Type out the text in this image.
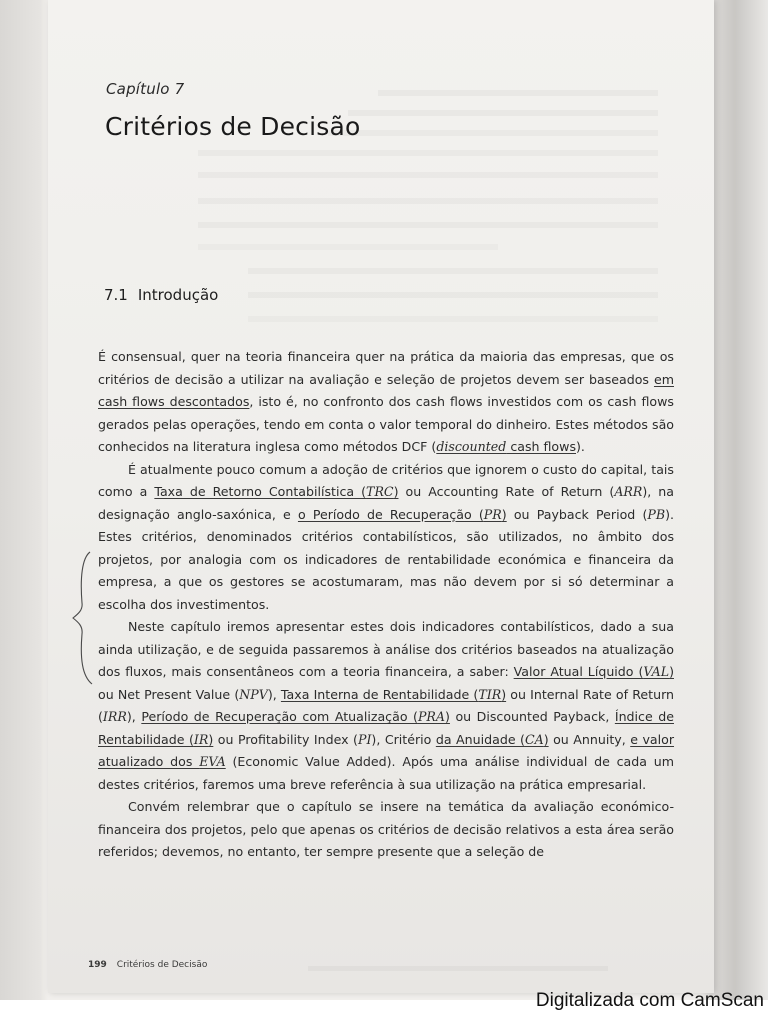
Capítulo 7
Critérios de Decisão
7.1 Introdução

É consensual, quer na teoria financeira quer na prática da maioria das empresas, que os critérios de decisão a utilizar na avaliação e seleção de projetos devem ser baseados em cash flows descontados, isto é, no confronto dos cash flows investidos com os cash flows gerados pelas operações, tendo em conta o valor temporal do dinheiro. Estes métodos são conhecidos na literatura inglesa como métodos DCF (discounted cash flows).

É atualmente pouco comum a adoção de critérios que ignorem o custo do capital, tais como a Taxa de Retorno Contabilística (TRC) ou Accounting Rate of Return (ARR), na designação anglo-saxónica, e o Período de Recuperação (PR) ou Payback Period (PB). Estes critérios, denominados critérios contabilísticos, são utilizados, no âmbito dos projetos, por analogia com os indicadores de rentabilidade económica e financeira da empresa, a que os gestores se acostumaram, mas não devem por si só determinar a escolha dos investimentos.

Neste capítulo iremos apresentar estes dois indicadores contabilísticos, dado a sua ainda utilização, e de seguida passaremos à análise dos critérios baseados na atualização dos fluxos, mais consentâneos com a teoria financeira, a saber: Valor Atual Líquido (VAL) ou Net Present Value (NPV), Taxa Interna de Rentabilidade (TIR) ou Internal Rate of Return (IRR), Período de Recuperação com Atualização (PRA) ou Discounted Payback, Índice de Rentabilidade (IR) ou Profitability Index (PI), Critério da Anuidade (CA) ou Annuity, e valor atualizado dos EVA (Economic Value Added). Após uma análise individual de cada um destes critérios, faremos uma breve referência à sua utilização na prática empresarial.

Convém relembrar que o capítulo se insere na temática da avaliação económico-financeira dos projetos, pelo que apenas os critérios de decisão relativos a esta área serão referidos; devemos, no entanto, ter sempre presente que a seleção de

199 Critérios de Decisão
Digitalizada com CamScan
